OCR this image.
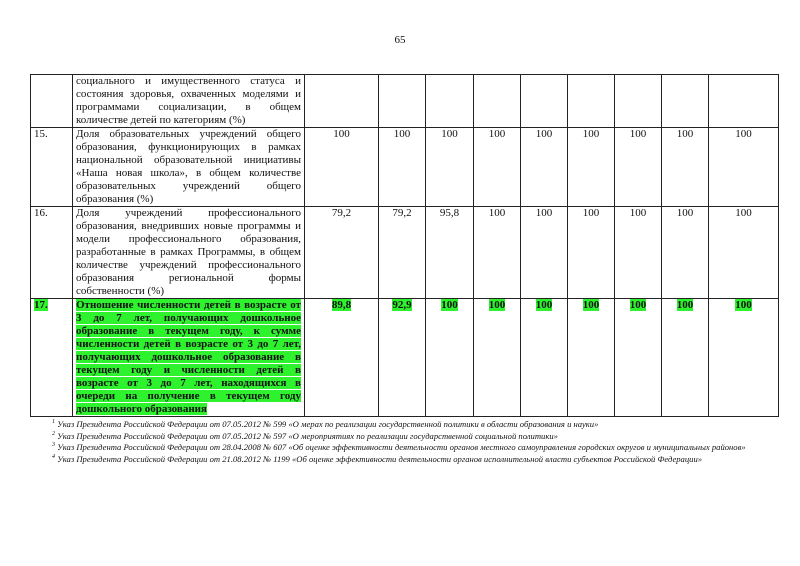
65
	социального и имущественного статуса и состояния здоровья, охваченных моделями и программами социализации, в общем количестве детей по категориям (%)									
15.	Доля образовательных учреждений общего образования, функционирующих в рамках национальной образовательной инициативы «Наша новая школа», в общем количестве образовательных учреждений общего образования (%)	100	100	100	100	100	100	100	100	100
16.	Доля учреждений профессионального образования, внедривших новые программы и модели профессионального образования, разработанные в рамках Программы, в общем количестве учреждений профессионального образования региональной формы собственности (%)	79,2	79,2	95,8	100	100	100	100	100	100
17.	Отношение численности детей в возрасте от 3 до 7 лет, получающих дошкольное образование в текущем году, к сумме численности детей в возрасте от 3 до 7 лет, получающих дошкольное образование в текущем году и численности детей в возрасте от 3 до 7 лет, находящихся в очереди на получение в текущем году дошкольного образования	89,8	92,9	100	100	100	100	100	100	100
$^1$ Указ Президента Российской Федерации от 07.05.2012 № 599 «О мерах по реализации государственной политики в области образования и науки»
$^2$ Указ Президента Российской Федерации от 07.05.2012 № 597 «О мероприятиях по реализации государственной социальной политики»
$^3$ Указ Президента Российской Федерации от 28.04.2008 № 607 «Об оценке эффективности деятельности органов местного самоуправления городских округов и муниципальных районов»
$^4$ Указ Президента Российской Федерации от 21.08.2012 № 1199 «Об оценке эффективности деятельности органов исполнительной власти субъектов Российской Федерации»
